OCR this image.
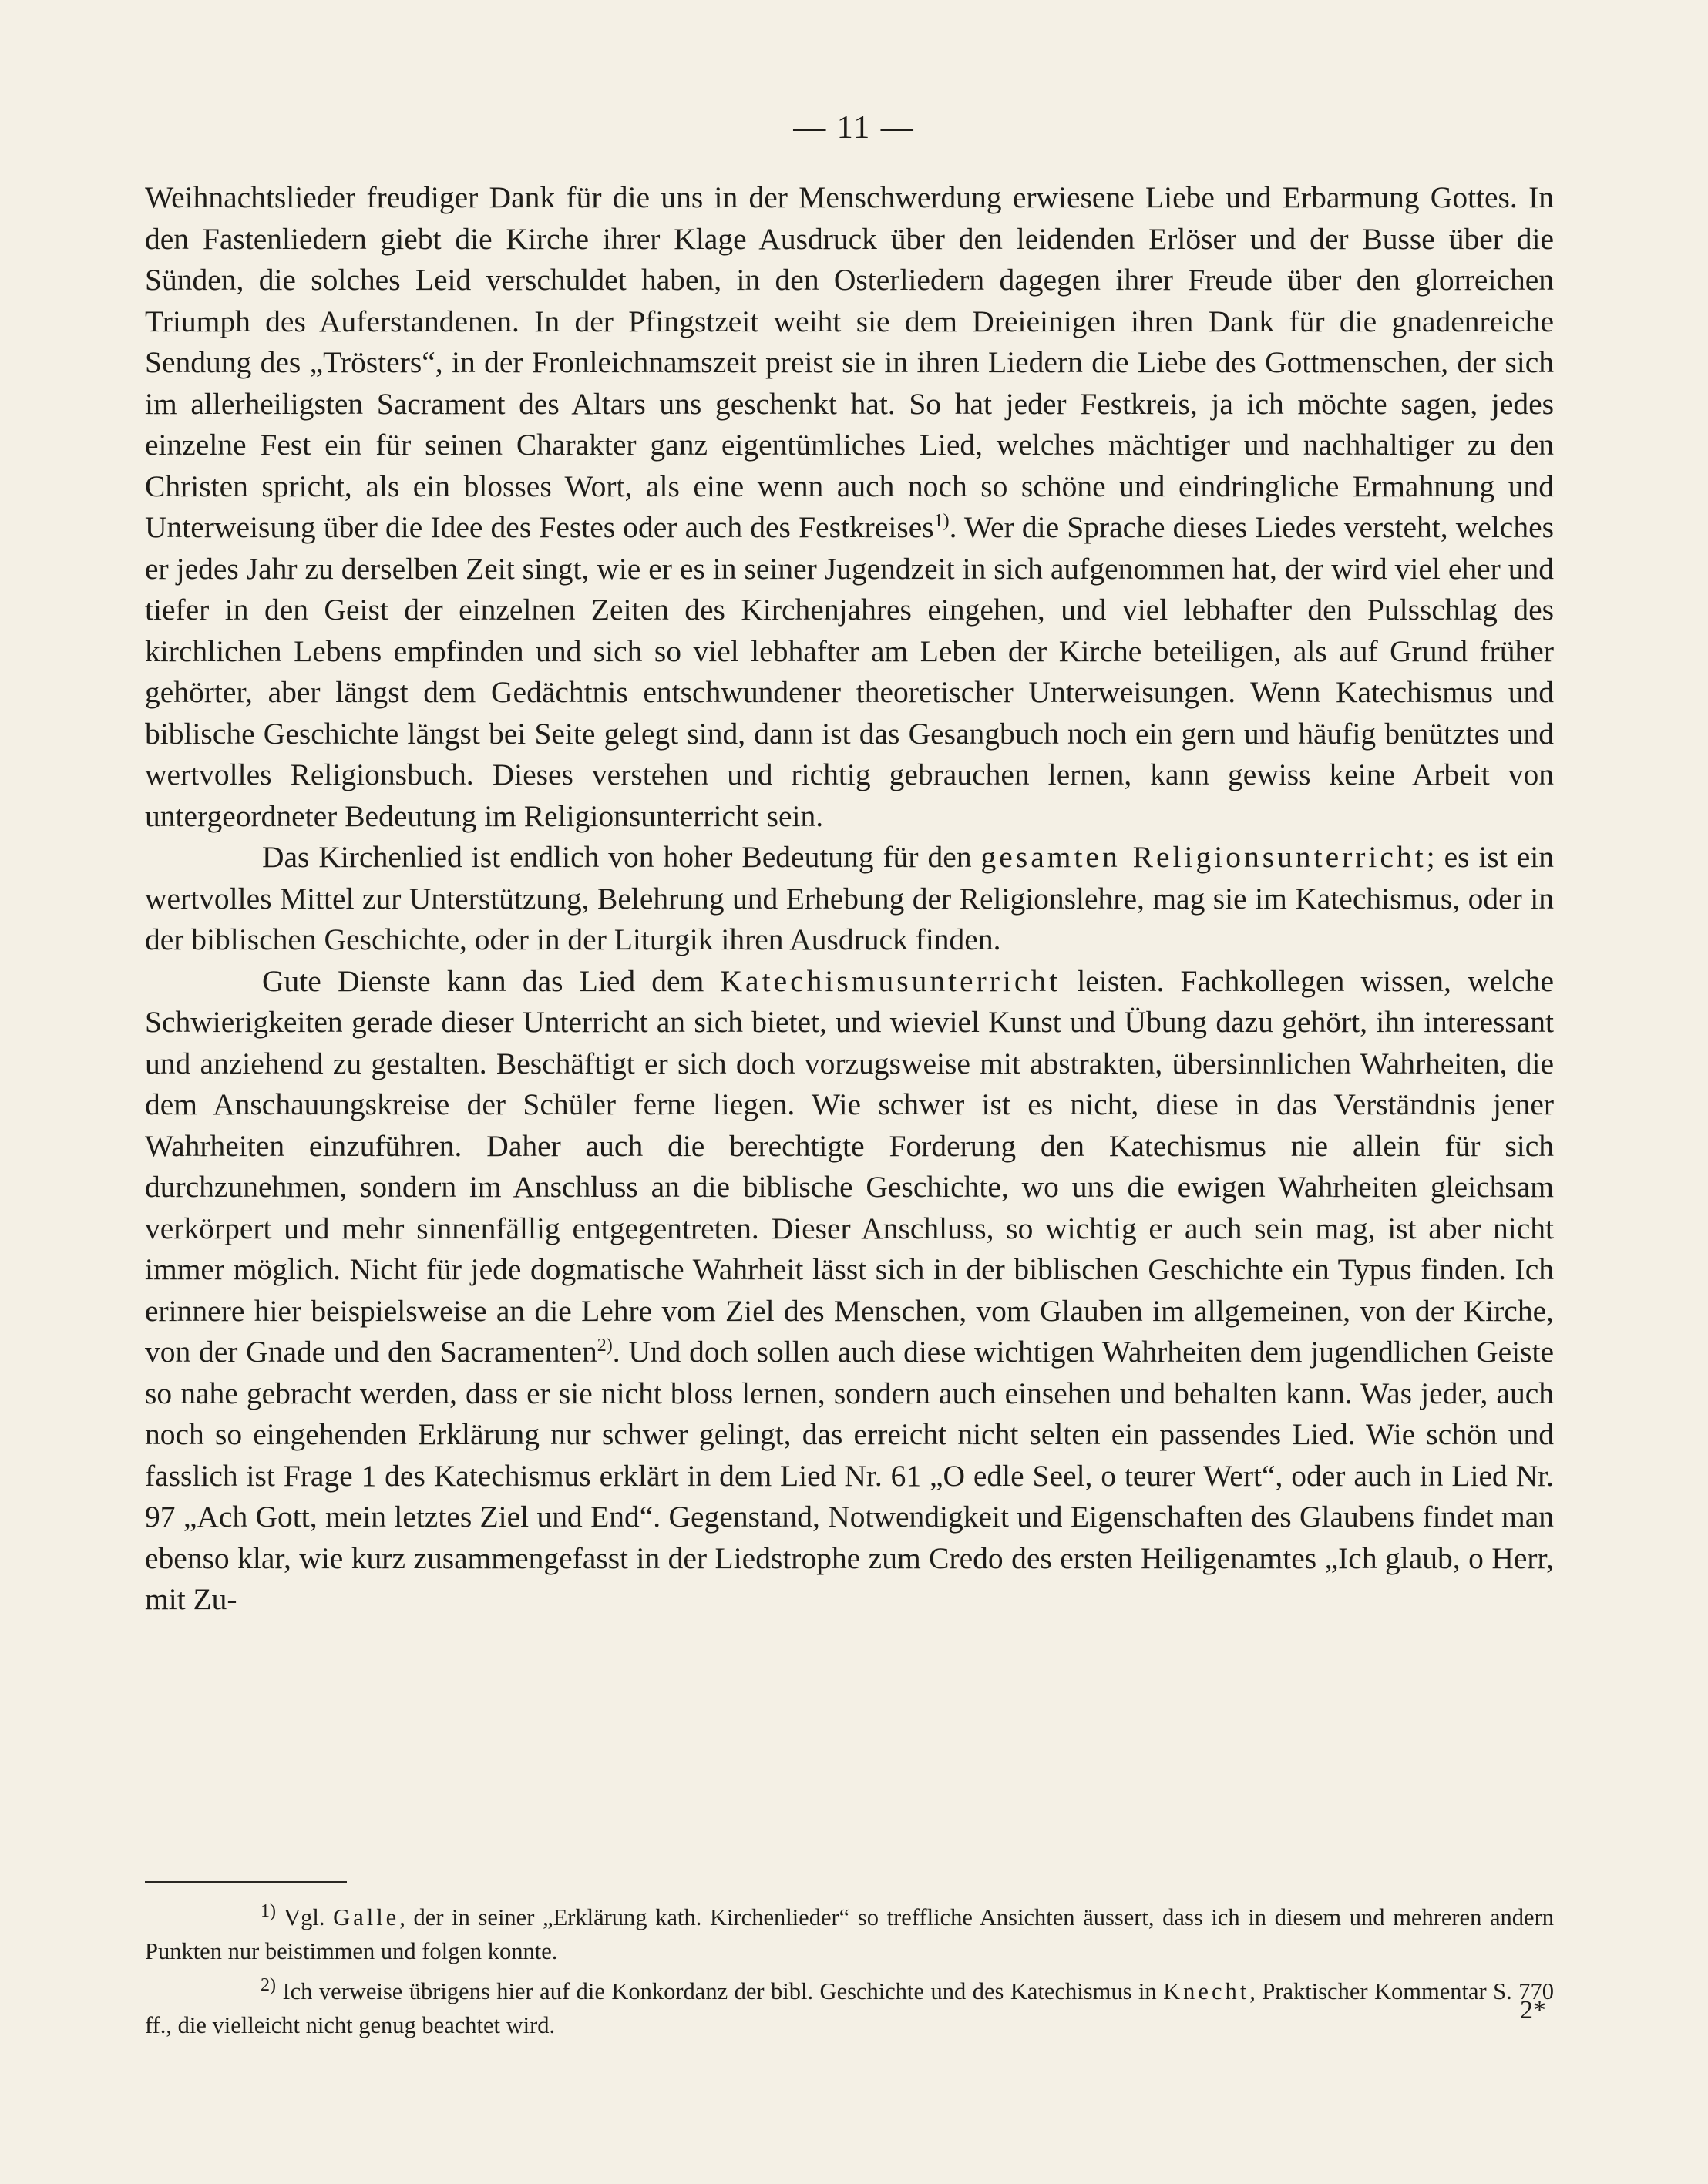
— 11 —

Weihnachtslieder freudiger Dank für die uns in der Menschwerdung erwiesene Liebe und Erbarmung Gottes. In den Fastenliedern giebt die Kirche ihrer Klage Ausdruck über den leidenden Erlöser und der Busse über die Sünden, die solches Leid verschuldet haben, in den Osterliedern dagegen ihrer Freude über den glorreichen Triumph des Auferstandenen. In der Pfingstzeit weiht sie dem Dreieinigen ihren Dank für die gnadenreiche Sendung des „Trösters“, in der Fronleichnamszeit preist sie in ihren Liedern die Liebe des Gottmenschen, der sich im allerheiligsten Sacrament des Altars uns geschenkt hat. So hat jeder Festkreis, ja ich möchte sagen, jedes einzelne Fest ein für seinen Charakter ganz eigentümliches Lied, welches mächtiger und nachhaltiger zu den Christen spricht, als ein blosses Wort, als eine wenn auch noch so schöne und eindringliche Ermahnung und Unterweisung über die Idee des Festes oder auch des Festkreises$^{1)}$. Wer die Sprache dieses Liedes versteht, welches er jedes Jahr zu derselben Zeit singt, wie er es in seiner Jugendzeit in sich aufgenommen hat, der wird viel eher und tiefer in den Geist der einzelnen Zeiten des Kirchenjahres eingehen, und viel lebhafter den Pulsschlag des kirchlichen Lebens empfinden und sich so viel lebhafter am Leben der Kirche beteiligen, als auf Grund früher gehörter, aber längst dem Gedächtnis entschwundener theoretischer Unterweisungen. Wenn Katechismus und biblische Geschichte längst bei Seite gelegt sind, dann ist das Gesangbuch noch ein gern und häufig benütztes und wertvolles Religionsbuch. Dieses verstehen und richtig gebrauchen lernen, kann gewiss keine Arbeit von untergeordneter Bedeutung im Religionsunterricht sein.

Das Kirchenlied ist endlich von hoher Bedeutung für den gesamten Religionsunterricht; es ist ein wertvolles Mittel zur Unterstützung, Belehrung und Erhebung der Religionslehre, mag sie im Katechismus, oder in der biblischen Geschichte, oder in der Liturgik ihren Ausdruck finden.

Gute Dienste kann das Lied dem Katechismusunterricht leisten. Fachkollegen wissen, welche Schwierigkeiten gerade dieser Unterricht an sich bietet, und wieviel Kunst und Übung dazu gehört, ihn interessant und anziehend zu gestalten. Beschäftigt er sich doch vorzugsweise mit abstrakten, übersinnlichen Wahrheiten, die dem Anschauungskreise der Schüler ferne liegen. Wie schwer ist es nicht, diese in das Verständnis jener Wahrheiten einzuführen. Daher auch die berechtigte Forderung den Katechismus nie allein für sich durchzunehmen, sondern im Anschluss an die biblische Geschichte, wo uns die ewigen Wahrheiten gleichsam verkörpert und mehr sinnenfällig entgegentreten. Dieser Anschluss, so wichtig er auch sein mag, ist aber nicht immer möglich. Nicht für jede dogmatische Wahrheit lässt sich in der biblischen Geschichte ein Typus finden. Ich erinnere hier beispielsweise an die Lehre vom Ziel des Menschen, vom Glauben im allgemeinen, von der Kirche, von der Gnade und den Sacramenten$^{2)}$. Und doch sollen auch diese wichtigen Wahrheiten dem jugendlichen Geiste so nahe gebracht werden, dass er sie nicht bloss lernen, sondern auch einsehen und behalten kann. Was jeder, auch noch so eingehenden Erklärung nur schwer gelingt, das erreicht nicht selten ein passendes Lied. Wie schön und fasslich ist Frage 1 des Katechismus erklärt in dem Lied Nr. 61 „O edle Seel, o teurer Wert“, oder auch in Lied Nr. 97 „Ach Gott, mein letztes Ziel und End“. Gegenstand, Notwendigkeit und Eigenschaften des Glaubens findet man ebenso klar, wie kurz zusammengefasst in der Liedstrophe zum Credo des ersten Heiligenamtes „Ich glaub, o Herr, mit Zu-

$^{1)}$ Vgl. Galle, der in seiner „Erklärung kath. Kirchenlieder“ so treffliche Ansichten äussert, dass ich in diesem und mehreren andern Punkten nur beistimmen und folgen konnte.

$^{2)}$ Ich verweise übrigens hier auf die Konkordanz der bibl. Geschichte und des Katechismus in Knecht, Praktischer Kommentar S. 770 ff., die vielleicht nicht genug beachtet wird.

2*
